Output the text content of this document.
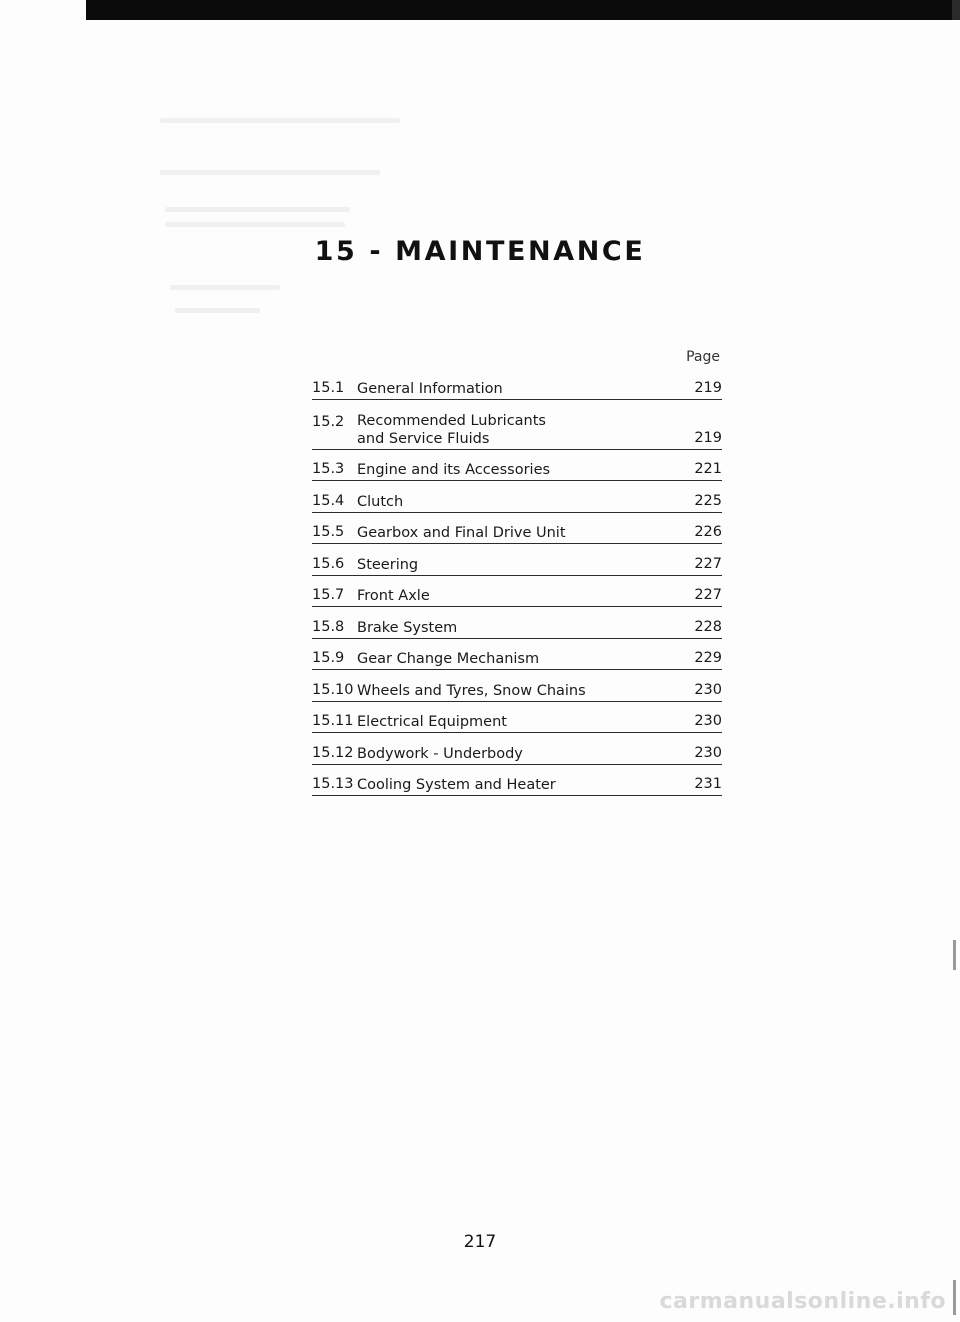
15 - MAINTENANCE
Page
15.1 General Information	219
15.2 Recommended Lubricants and Service Fluids	219
15.3 Engine and its Accessories	221
15.4 Clutch	225
15.5 Gearbox and Final Drive Unit	226
15.6 Steering	227
15.7 Front Axle	227
15.8 Brake System	228
15.9 Gear Change Mechanism	229
15.10 Wheels and Tyres, Snow Chains	230
15.11 Electrical Equipment	230
15.12 Bodywork - Underbody	230
15.13 Cooling System and Heater	231
217
carmanualsonline.info
